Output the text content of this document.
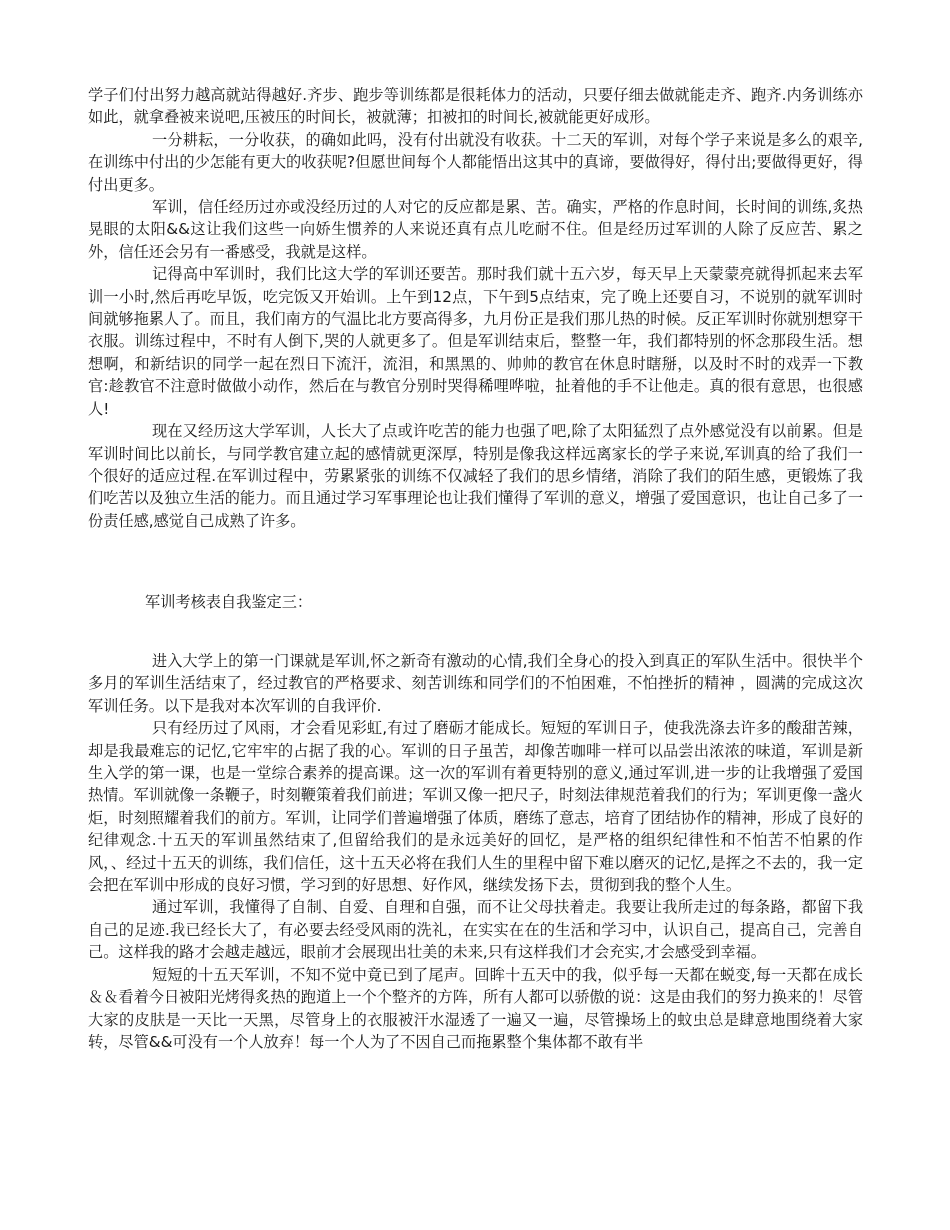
学子们付出努力越高就站得越好.齐步、跑步等训练都是很耗体力的活动，只要仔细去做就能走齐、跑齐.内务训练亦如此，就拿叠被来说吧,压被压的时间长，被就薄；扣被扣的时间长,被就能更好成形。

一分耕耘，一分收获，的确如此吗，没有付出就没有收获。十二天的军训，对每个学子来说是多么的艰辛,在训练中付出的少怎能有更大的收获呢?但愿世间每个人都能悟出这其中的真谛，要做得好，得付出;要做得更好，得付出更多。

军训，信任经历过亦或没经历过的人对它的反应都是累、苦。确实，严格的作息时间，长时间的训练,炙热晃眼的太阳&&这让我们这些一向娇生惯养的人来说还真有点儿吃耐不住。但是经历过军训的人除了反应苦、累之外，信任还会另有一番感受，我就是这样。

记得高中军训时，我们比这大学的军训还要苦。那时我们就十五六岁，每天早上天蒙蒙亮就得抓起来去军训一小时,然后再吃早饭，吃完饭又开始训。上午到12点，下午到5点结束，完了晚上还要自习，不说别的就军训时间就够拖累人了。而且，我们南方的气温比北方要高得多，九月份正是我们那儿热的时候。反正军训时你就别想穿干衣服。训练过程中，不时有人倒下,哭的人就更多了。但是军训结束后，整整一年，我们都特别的怀念那段生活。想想啊，和新结识的同学一起在烈日下流汗，流泪，和黑黑的、帅帅的教官在休息时瞎掰，以及时不时的戏弄一下教官:趁教官不注意时做做小动作，然后在与教官分别时哭得稀哩哗啦，扯着他的手不让他走。真的很有意思，也很感人!

现在又经历这大学军训，人长大了点或许吃苦的能力也强了吧,除了太阳猛烈了点外感觉没有以前累。但是军训时间比以前长，与同学教官建立起的感情就更深厚，特别是像我这样远离家长的学子来说,军训真的给了我们一个很好的适应过程.在军训过程中，劳累紧张的训练不仅减轻了我们的思乡情绪，消除了我们的陌生感，更锻炼了我们吃苦以及独立生活的能力。而且通过学习军事理论也让我们懂得了军训的意义，增强了爱国意识，也让自己多了一份责任感,感觉自己成熟了许多。

军训考核表自我鉴定三：

进入大学上的第一门课就是军训,怀之新奇有激动的心情,我们全身心的投入到真正的军队生活中。很快半个多月的军训生活结束了，经过教官的严格要求、刻苦训练和同学们的不怕困难，不怕挫折的精神 ，圆满的完成这次军训任务。以下是我对本次军训的自我评价.

只有经历过了风雨，才会看见彩虹,有过了磨砺才能成长。短短的军训日子，使我洗涤去许多的酸甜苦辣，却是我最难忘的记忆,它牢牢的占据了我的心。军训的日子虽苦，却像苦咖啡一样可以品尝出浓浓的味道，军训是新生入学的第一课，也是一堂综合素养的提高课。这一次的军训有着更特别的意义,通过军训,进一步的让我增强了爱国热情。军训就像一条鞭子，时刻鞭策着我们前进；军训又像一把尺子，时刻法律规范着我们的行为；军训更像一盏火炬，时刻照耀着我们的前方。军训，让同学们普遍增强了体质，磨练了意志，培育了团结协作的精神，形成了良好的纪律观念.十五天的军训虽然结束了,但留给我们的是永远美好的回忆，是严格的组织纪律性和不怕苦不怕累的作风，、经过十五天的训练，我们信任，这十五天必将在我们人生的里程中留下难以磨灭的记忆,是挥之不去的，我一定会把在军训中形成的良好习惯，学习到的好思想、好作风，继续发扬下去，贯彻到我的整个人生。

通过军训，我懂得了自制、自爱、自理和自强，而不让父母扶着走。我要让我所走过的每条路，都留下我自己的足迹.我已经长大了，有必要去经受风雨的洗礼，在实实在在的生活和学习中，认识自己，提高自己，完善自己。这样我的路才会越走越远，眼前才会展现出壮美的未来,只有这样我们才会充实,才会感受到幸福。

短短的十五天军训，不知不觉中竟已到了尾声。回眸十五天中的我，似乎每一天都在蜕变,每一天都在成长＆＆看着今日被阳光烤得炙热的跑道上一个个整齐的方阵，所有人都可以骄傲的说：这是由我们的努力换来的！尽管大家的皮肤是一天比一天黑，尽管身上的衣服被汗水湿透了一遍又一遍，尽管操场上的蚊虫总是肆意地围绕着大家转，尽管&&可没有一个人放弃！每一个人为了不因自己而拖累整个集体都不敢有半
